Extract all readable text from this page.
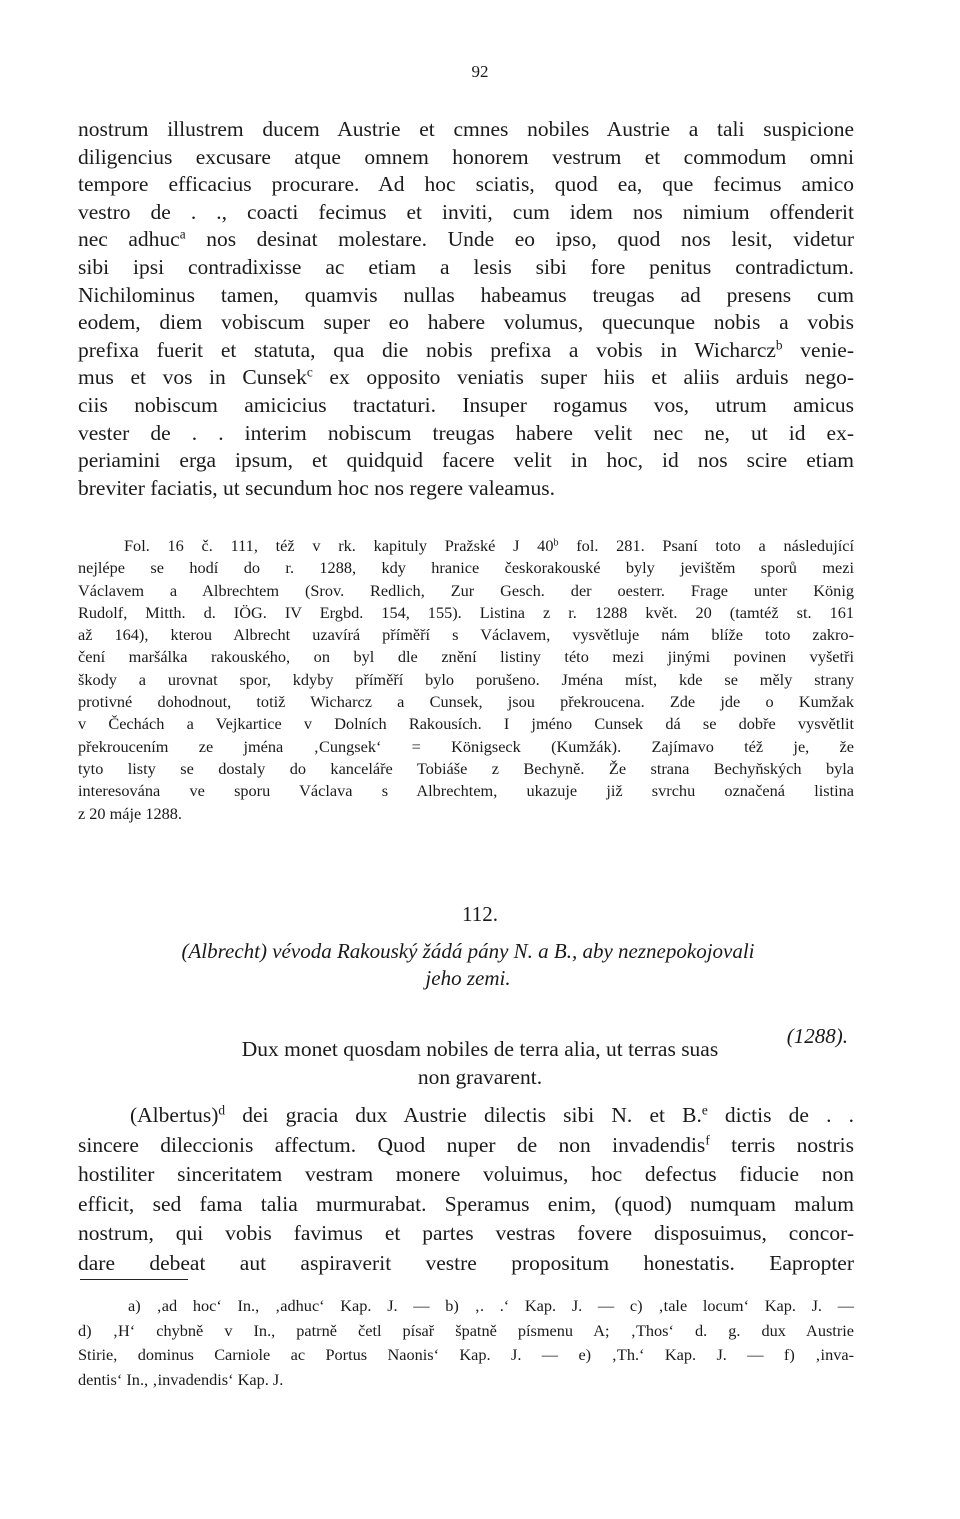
92

nostrum illustrem ducem Austrie et cmnes nobiles Austrie a tali suspicione

diligencius excusare atque omnem honorem vestrum et commodum omni

tempore efficacius procurare. Ad hoc sciatis, quod ea, que fecimus amico

vestro de . ., coacti fecimus et inviti, cum idem nos nimium offenderit

nec adhuc$^a$ nos desinat molestare. Unde eo ipso, quod nos lesit, videtur

sibi ipsi contradixisse ac etiam a lesis sibi fore penitus contradictum.

Nichilominus tamen, quamvis nullas habeamus treugas ad presens cum

eodem, diem vobiscum super eo habere volumus, quecunque nobis a vobis

prefixa fuerit et statuta, qua die nobis prefixa a vobis in Wicharcz$^b$ venie-

mus et vos in Cunsek$^c$ ex opposito veniatis super hiis et aliis arduis nego-

ciis nobiscum amicicius tractaturi. Insuper rogamus vos, utrum amicus

vester de . . interim nobiscum treugas habere velit nec ne, ut id ex-

periamini erga ipsum, et quidquid facere velit in hoc, id nos scire etiam

breviter faciatis, ut secundum hoc nos regere valeamus.

Fol. 16 č. 111, též v rk. kapituly Pražské J 40$^b$ fol. 281. Psaní toto a následující

nejlépe se hodí do r. 1288, kdy hranice českorakouské byly jevištěm sporů mezi

Václavem a Albrechtem (Srov. Redlich, Zur Gesch. der oesterr. Frage unter König

Rudolf, Mitth. d. IÖG. IV Ergbd. 154, 155). Listina z r. 1288 květ. 20 (tamtéž st. 161

až 164), kterou Albrecht uzavírá příměří s Václavem, vysvětluje nám blíže toto zakro-

čení maršálka rakouského, on byl dle znění listiny této mezi jinými povinen vyšetři

škody a urovnat spor, kdyby příměří bylo porušeno. Jména míst, kde se měly strany

protivné dohodnout, totiž Wicharcz a Cunsek, jsou překroucena. Zde jde o Kumžak

v Čechách a Vejkartice v Dolních Rakousích. I jméno Cunsek dá se dobře vysvětlit

překroucením ze jména ‚Cungsek‘ = Königseck (Kumžák). Zajímavo též je, že

tyto listy se dostaly do kanceláře Tobiáše z Bechyně. Že strana Bechyňských byla

interesována ve sporu Václava s Albrechtem, ukazuje již svrchu označená listina

z 20 máje 1288.

112.
(Albrecht) vévoda Rakouský žádá pány N. a B., aby neznepokojovali
jeho zemi.
(1288).
Dux monet quosdam nobiles de terra alia, ut terras suas
non gravarent.

(Albertus)$^d$ dei gracia dux Austrie dilectis sibi N. et B.$^e$ dictis de . .

sincere dileccionis affectum. Quod nuper de non invadendis$^f$ terris nostris

hostiliter sinceritatem vestram monere voluimus, hoc defectus fiducie non

efficit, sed fama talia murmurabat. Speramus enim, (quod) numquam malum

nostrum, qui vobis favimus et partes vestras fovere disposuimus, concor-

dare debeat aut aspiraverit vestre propositum honestatis. Eapropter

a) ‚ad hoc‘ In., ‚adhuc‘ Kap. J. — b) ‚. .‘ Kap. J. — c) ‚tale locum‘ Kap. J. —

d) ‚H‘ chybně v In., patrně četl písař špatně písmenu A; ‚Thos‘ d. g. dux Austrie

Stirie, dominus Carniole ac Portus Naonis‘ Kap. J. — e) ‚Th.‘ Kap. J. — f) ‚inva-

dentis‘ In., ‚invadendis‘ Kap. J.
